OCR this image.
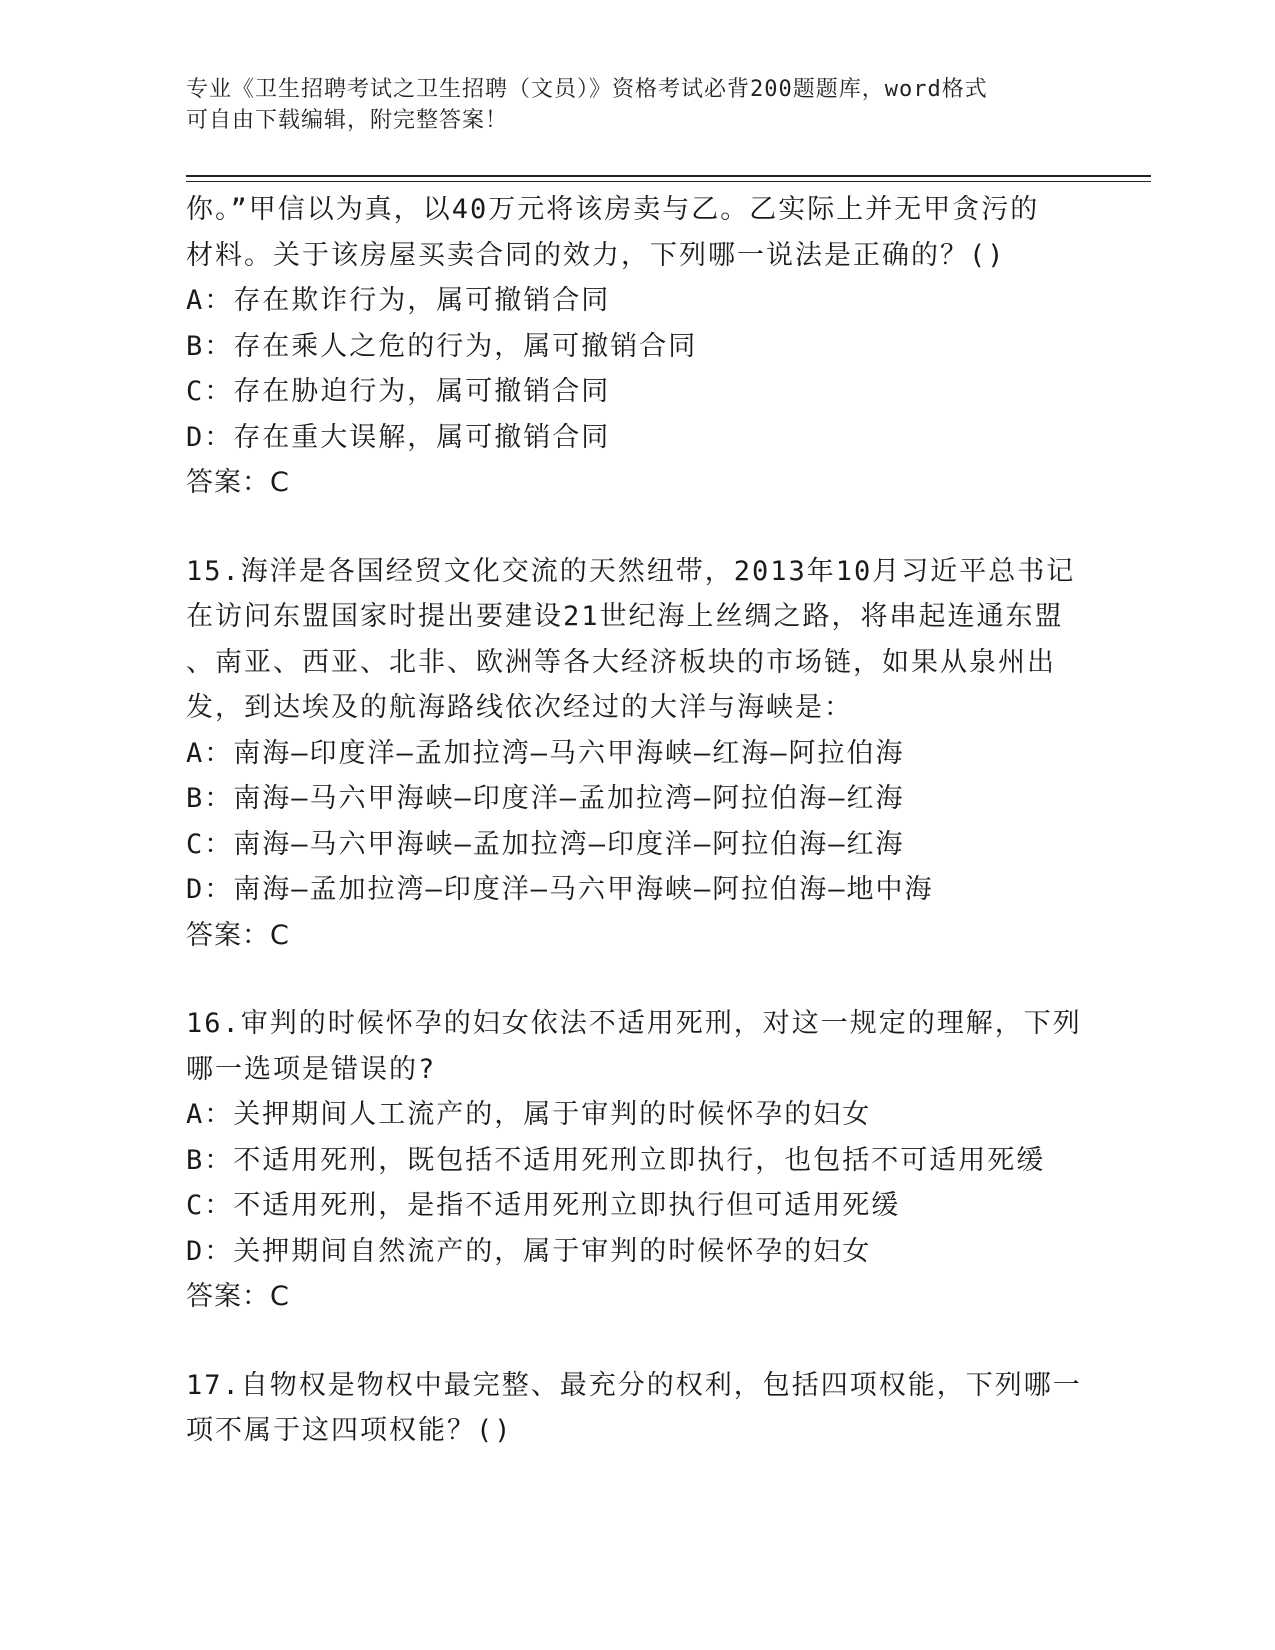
专业《卫生招聘考试之卫生招聘（文员）》资格考试必背200题题库，word格式
可自由下载编辑，附完整答案！
你。”甲信以为真，以40万元将该房卖与乙。乙实际上并无甲贪污的
材料。关于该房屋买卖合同的效力，下列哪一说法是正确的？()
A：存在欺诈行为，属可撤销合同
B：存在乘人之危的行为，属可撤销合同
C：存在胁迫行为，属可撤销合同
D：存在重大误解，属可撤销合同
答案：C
15.海洋是各国经贸文化交流的天然纽带，2013年10月习近平总书记
在访问东盟国家时提出要建设21世纪海上丝绸之路，将串起连通东盟
、南亚、西亚、北非、欧洲等各大经济板块的市场链，如果从泉州出
发，到达埃及的航海路线依次经过的大洋与海峡是：
A：南海—印度洋—孟加拉湾—马六甲海峡—红海—阿拉伯海
B：南海—马六甲海峡—印度洋—孟加拉湾—阿拉伯海—红海
C：南海—马六甲海峡—孟加拉湾—印度洋—阿拉伯海—红海
D：南海—孟加拉湾—印度洋—马六甲海峡—阿拉伯海—地中海
答案：C
16.审判的时候怀孕的妇女依法不适用死刑，对这一规定的理解，下列
哪一选项是错误的?
A：关押期间人工流产的，属于审判的时候怀孕的妇女
B：不适用死刑，既包括不适用死刑立即执行，也包括不可适用死缓
C：不适用死刑，是指不适用死刑立即执行但可适用死缓
D：关押期间自然流产的，属于审判的时候怀孕的妇女
答案：C
17.自物权是物权中最完整、最充分的权利，包括四项权能，下列哪一
项不属于这四项权能？()
